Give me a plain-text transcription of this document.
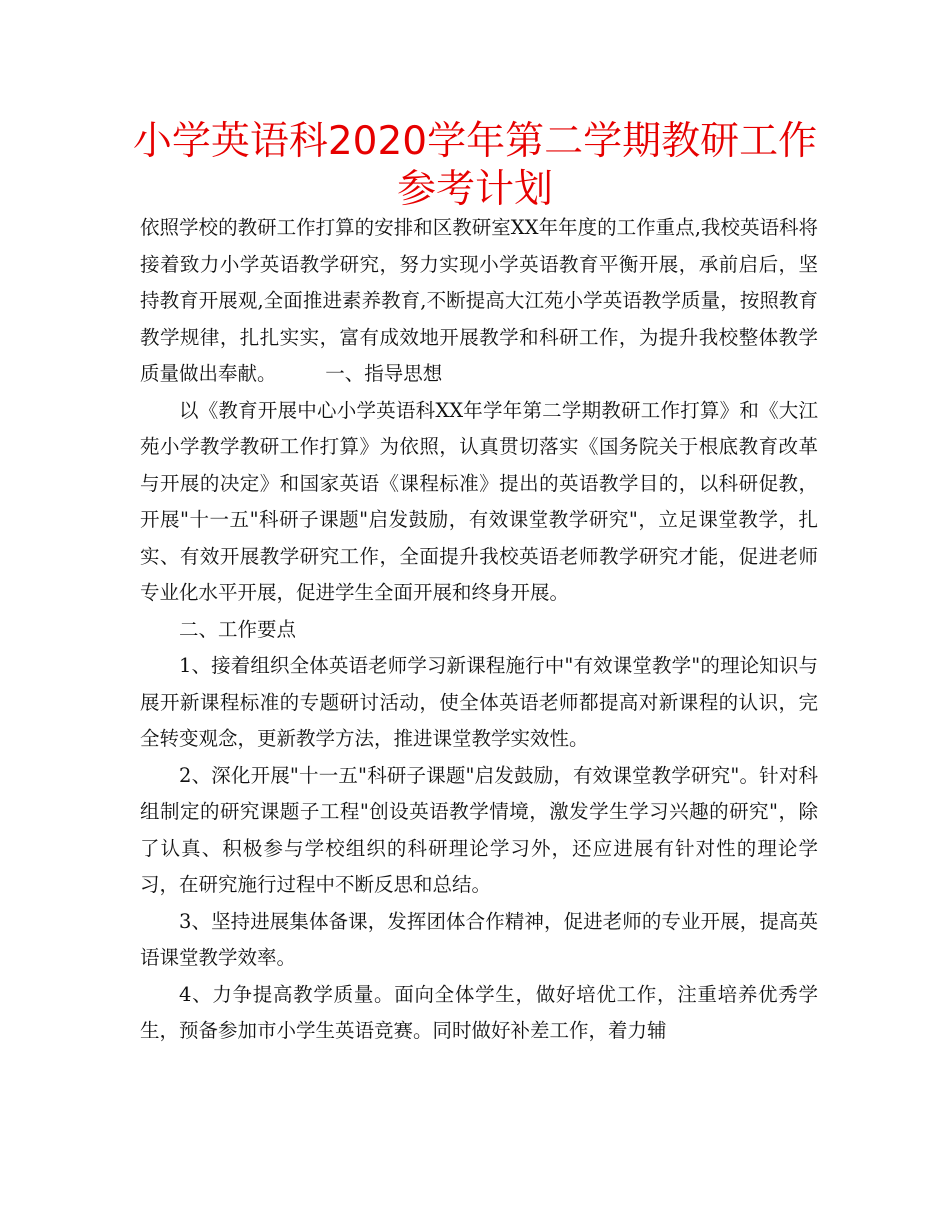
小学英语科2020学年第二学期教研工作参考计划

依照学校的教研工作打算的安排和区教研室XX年年度的工作重点,我校英语科将接着致力小学英语教学研究，努力实现小学英语教育平衡开展，承前启后，坚持教育开展观,全面推进素养教育,不断提高大江苑小学英语教学质量，按照教育教学规律，扎扎实实，富有成效地开展教学和科研工作，为提升我校整体教学质量做出奉献。　　　一、指导思想

以《教育开展中心小学英语科XX年学年第二学期教研工作打算》和《大江苑小学教学教研工作打算》为依照，认真贯切落实《国务院关于根底教育改革与开展的决定》和国家英语《课程标准》提出的英语教学目的，以科研促教，开展"十一五"科研子课题"启发鼓励，有效课堂教学研究"，立足课堂教学，扎实、有效开展教学研究工作，全面提升我校英语老师教学研究才能，促进老师专业化水平开展，促进学生全面开展和终身开展。

二、工作要点

1、接着组织全体英语老师学习新课程施行中"有效课堂教学"的理论知识与展开新课程标准的专题研讨活动，使全体英语老师都提高对新课程的认识，完全转变观念，更新教学方法，推进课堂教学实效性。

2、深化开展"十一五"科研子课题"启发鼓励，有效课堂教学研究"。针对科组制定的研究课题子工程"创设英语教学情境，激发学生学习兴趣的研究"，除了认真、积极参与学校组织的科研理论学习外，还应进展有针对性的理论学习，在研究施行过程中不断反思和总结。

3、坚持进展集体备课，发挥团体合作精神，促进老师的专业开展，提高英语课堂教学效率。

4、力争提高教学质量。面向全体学生，做好培优工作，注重培养优秀学生，预备参加市小学生英语竞赛。同时做好补差工作，着力辅
